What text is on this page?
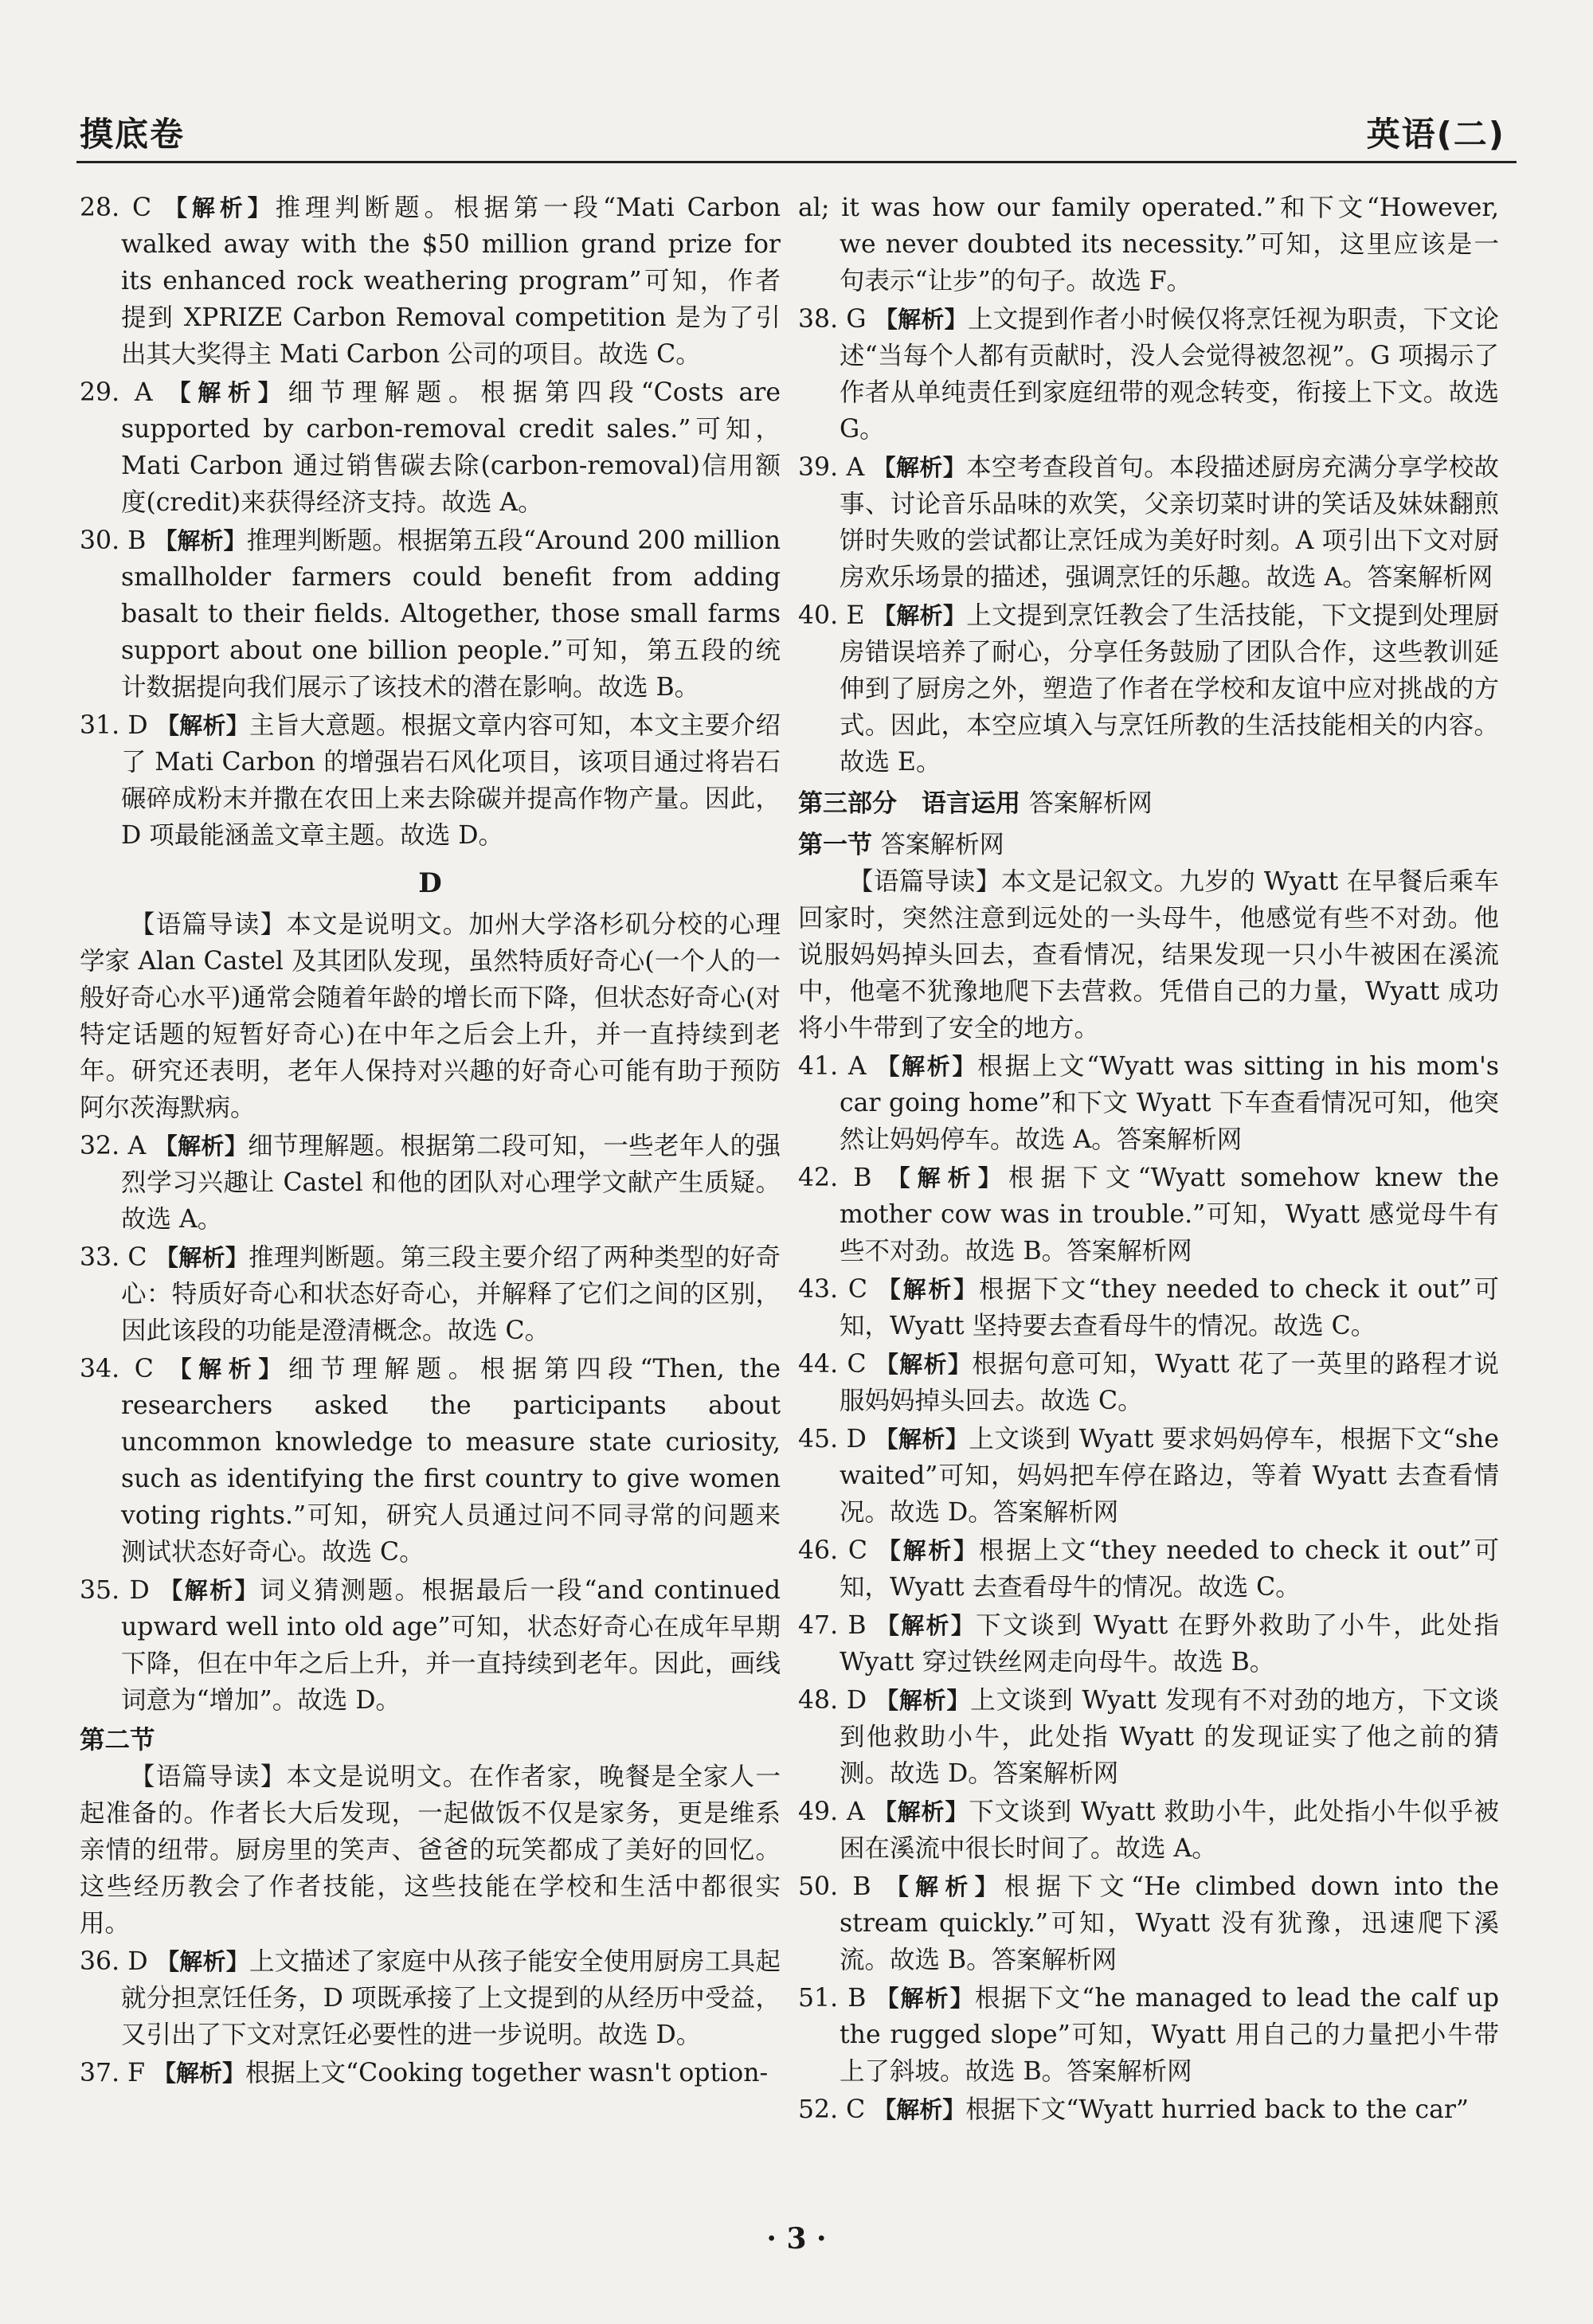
摸底卷	英语(二)
28. C 【解析】推理判断题。根据第一段“Mati Carbon walked away with the $50 million grand prize for its enhanced rock weathering program”可知，作者提到 XPRIZE Carbon Removal competition 是为了引出其大奖得主 Mati Carbon 公司的项目。故选 C。
29. A 【解析】细节理解题。根据第四段“Costs are supported by carbon-removal credit sales.”可知，Mati Carbon 通过销售碳去除(carbon-removal)信用额度(credit)来获得经济支持。故选 A。
30. B 【解析】推理判断题。根据第五段“Around 200 million smallholder farmers could benefit from adding basalt to their fields. Altogether, those small farms support about one billion people.”可知，第五段的统计数据提向我们展示了该技术的潜在影响。故选 B。
31. D 【解析】主旨大意题。根据文章内容可知，本文主要介绍了 Mati Carbon 的增强岩石风化项目，该项目通过将岩石碾碎成粉末并撒在农田上来去除碳并提高作物产量。因此，D 项最能涵盖文章主题。故选 D。
D
【语篇导读】本文是说明文。加州大学洛杉矶分校的心理学家 Alan Castel 及其团队发现，虽然特质好奇心(一个人的一般好奇心水平)通常会随着年龄的增长而下降，但状态好奇心(对特定话题的短暂好奇心)在中年之后会上升，并一直持续到老年。研究还表明，老年人保持对兴趣的好奇心可能有助于预防阿尔茨海默病。
32. A 【解析】细节理解题。根据第二段可知，一些老年人的强烈学习兴趣让 Castel 和他的团队对心理学文献产生质疑。故选 A。
33. C 【解析】推理判断题。第三段主要介绍了两种类型的好奇心：特质好奇心和状态好奇心，并解释了它们之间的区别，因此该段的功能是澄清概念。故选 C。
34. C 【解析】细节理解题。根据第四段“Then, the researchers asked the participants about uncommon knowledge to measure state curiosity, such as identifying the first country to give women voting rights.”可知，研究人员通过问不同寻常的问题来测试状态好奇心。故选 C。
35. D 【解析】词义猜测题。根据最后一段“and continued upward well into old age”可知，状态好奇心在成年早期下降，但在中年之后上升，并一直持续到老年。因此，画线词意为“增加”。故选 D。
第二节
【语篇导读】本文是说明文。在作者家，晚餐是全家人一起准备的。作者长大后发现，一起做饭不仅是家务，更是维系亲情的纽带。厨房里的笑声、爸爸的玩笑都成了美好的回忆。这些经历教会了作者技能，这些技能在学校和生活中都很实用。
36. D 【解析】上文描述了家庭中从孩子能安全使用厨房工具起就分担烹饪任务，D 项既承接了上文提到的从经历中受益，又引出了下文对烹饪必要性的进一步说明。故选 D。
37. F 【解析】根据上文“Cooking together wasn't option-
al; it was how our family operated.”和下文“However, we never doubted its necessity.”可知，这里应该是一句表示“让步”的句子。故选 F。
38. G 【解析】上文提到作者小时候仅将烹饪视为职责，下文论述“当每个人都有贡献时，没人会觉得被忽视”。G 项揭示了作者从单纯责任到家庭纽带的观念转变，衔接上下文。故选 G。
39. A 【解析】本空考查段首句。本段描述厨房充满分享学校故事、讨论音乐品味的欢笑，父亲切菜时讲的笑话及妹妹翻煎饼时失败的尝试都让烹饪成为美好时刻。A 项引出下文对厨房欢乐场景的描述，强调烹饪的乐趣。故选 A。答案解析网
40. E 【解析】上文提到烹饪教会了生活技能，下文提到处理厨房错误培养了耐心，分享任务鼓励了团队合作，这些教训延伸到了厨房之外，塑造了作者在学校和友谊中应对挑战的方式。因此，本空应填入与烹饪所教的生活技能相关的内容。故选 E。
第三部分　语言运用 答案解析网
第一节 答案解析网
【语篇导读】本文是记叙文。九岁的 Wyatt 在早餐后乘车回家时，突然注意到远处的一头母牛，他感觉有些不对劲。他说服妈妈掉头回去，查看情况，结果发现一只小牛被困在溪流中，他毫不犹豫地爬下去营救。凭借自己的力量，Wyatt 成功将小牛带到了安全的地方。
41. A 【解析】根据上文“Wyatt was sitting in his mom's car going home”和下文 Wyatt 下车查看情况可知，他突然让妈妈停车。故选 A。答案解析网
42. B 【解析】根据下文“Wyatt somehow knew the mother cow was in trouble.”可知，Wyatt 感觉母牛有些不对劲。故选 B。答案解析网
43. C 【解析】根据下文“they needed to check it out”可知，Wyatt 坚持要去查看母牛的情况。故选 C。
44. C 【解析】根据句意可知，Wyatt 花了一英里的路程才说服妈妈掉头回去。故选 C。
45. D 【解析】上文谈到 Wyatt 要求妈妈停车，根据下文“she waited”可知，妈妈把车停在路边，等着 Wyatt 去查看情况。故选 D。答案解析网
46. C 【解析】根据上文“they needed to check it out”可知，Wyatt 去查看母牛的情况。故选 C。
47. B 【解析】下文谈到 Wyatt 在野外救助了小牛，此处指 Wyatt 穿过铁丝网走向母牛。故选 B。
48. D 【解析】上文谈到 Wyatt 发现有不对劲的地方，下文谈到他救助小牛，此处指 Wyatt 的发现证实了他之前的猜测。故选 D。答案解析网
49. A 【解析】下文谈到 Wyatt 救助小牛，此处指小牛似乎被困在溪流中很长时间了。故选 A。
50. B 【解析】根据下文“He climbed down into the stream quickly.”可知，Wyatt 没有犹豫，迅速爬下溪流。故选 B。答案解析网
51. B 【解析】根据下文“he managed to lead the calf up the rugged slope”可知，Wyatt 用自己的力量把小牛带上了斜坡。故选 B。答案解析网
52. C 【解析】根据下文“Wyatt hurried back to the car”
· 3 ·
